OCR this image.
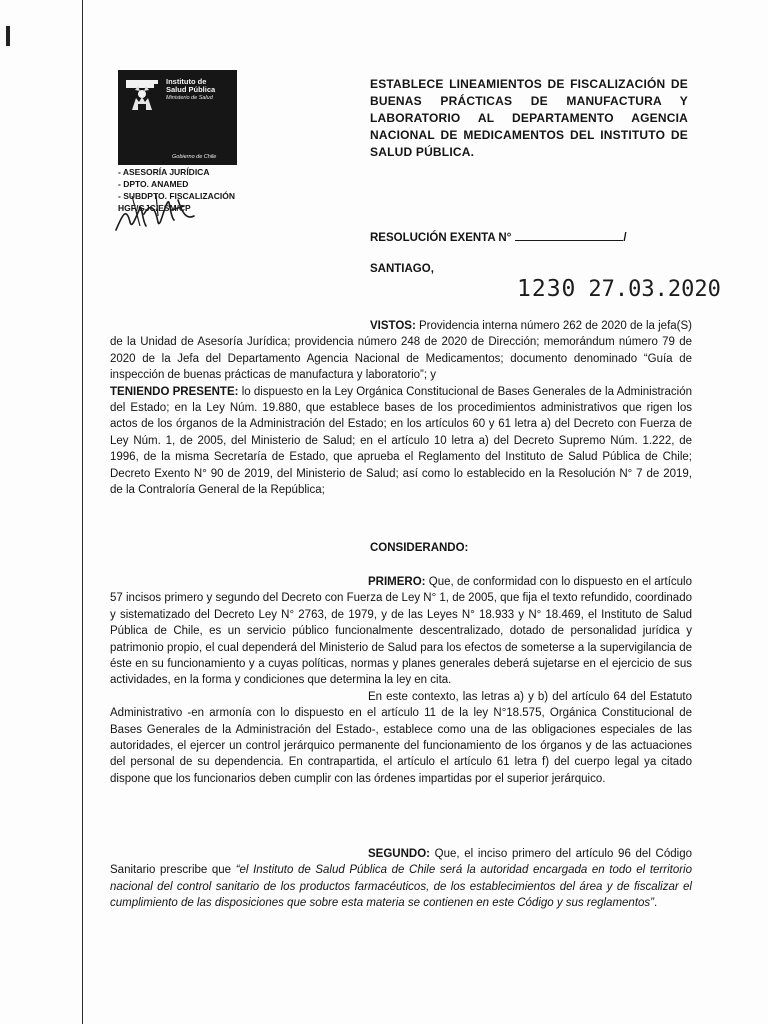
Instituto de
Salud Pública
Ministerio de Salud
Gobierno de Chile
- ASESORÍA JURÍDICA
- DPTO. ANAMED
- SUBDPTO. FISCALIZACIÓN
HGF/GJC/ESM/CP
ESTABLECE LINEAMIENTOS DE FISCALIZACIÓN DE BUENAS PRÁCTICAS DE MANUFACTURA Y LABORATORIO AL DEPARTAMENTO AGENCIA NACIONAL DE MEDICAMENTOS DEL INSTITUTO DE SALUD PÚBLICA.
RESOLUCIÓN EXENTA N°	/
SANTIAGO,
1230 27.03.2020

VISTOS: Providencia interna número 262 de 2020 de la jefa(S) de la Unidad de Asesoría Jurídica; providencia número 248 de 2020 de Dirección; memorándum número 79 de 2020 de la Jefa del Departamento Agencia Nacional de Medicamentos; documento denominado “Guía de inspección de buenas prácticas de manufactura y laboratorio”; y

TENIENDO PRESENTE: lo dispuesto en la Ley Orgánica Constitucional de Bases Generales de la Administración del Estado; en la Ley Núm. 19.880, que establece bases de los procedimientos administrativos que rigen los actos de los órganos de la Administración del Estado; en los artículos 60 y 61 letra a) del Decreto con Fuerza de Ley Núm. 1, de 2005, del Ministerio de Salud; en el artículo 10 letra a) del Decreto Supremo Núm. 1.222, de 1996, de la misma Secretaría de Estado, que aprueba el Reglamento del Instituto de Salud Pública de Chile; Decreto Exento N° 90 de 2019, del Ministerio de Salud; así como lo establecido en la Resolución N° 7 de 2019, de la Contraloría General de la República;

CONSIDERANDO:

PRIMERO: Que, de conformidad con lo dispuesto en el artículo 57 incisos primero y segundo del Decreto con Fuerza de Ley N° 1, de 2005, que fija el texto refundido, coordinado y sistematizado del Decreto Ley N° 2763, de 1979, y de las Leyes N° 18.933 y N° 18.469, el Instituto de Salud Pública de Chile, es un servicio público funcionalmente descentralizado, dotado de personalidad jurídica y patrimonio propio, el cual dependerá del Ministerio de Salud para los efectos de someterse a la supervigilancia de éste en su funcionamiento y a cuyas políticas, normas y planes generales deberá sujetarse en el ejercicio de sus actividades, en la forma y condiciones que determina la ley en cita.

En este contexto, las letras a) y b) del artículo 64 del Estatuto Administrativo -en armonía con lo dispuesto en el artículo 11 de la ley N°18.575, Orgánica Constitucional de Bases Generales de la Administración del Estado-, establece como una de las obligaciones especiales de las autoridades, el ejercer un control jerárquico permanente del funcionamiento de los órganos y de las actuaciones del personal de su dependencia. En contrapartida, el artículo el artículo 61 letra f) del cuerpo legal ya citado dispone que los funcionarios deben cumplir con las órdenes impartidas por el superior jerárquico.

SEGUNDO: Que, el inciso primero del artículo 96 del Código Sanitario prescribe que “el Instituto de Salud Pública de Chile será la autoridad encargada en todo el territorio nacional del control sanitario de los productos farmacéuticos, de los establecimientos del área y de fiscalizar el cumplimiento de las disposiciones que sobre esta materia se contienen en este Código y sus reglamentos”.
